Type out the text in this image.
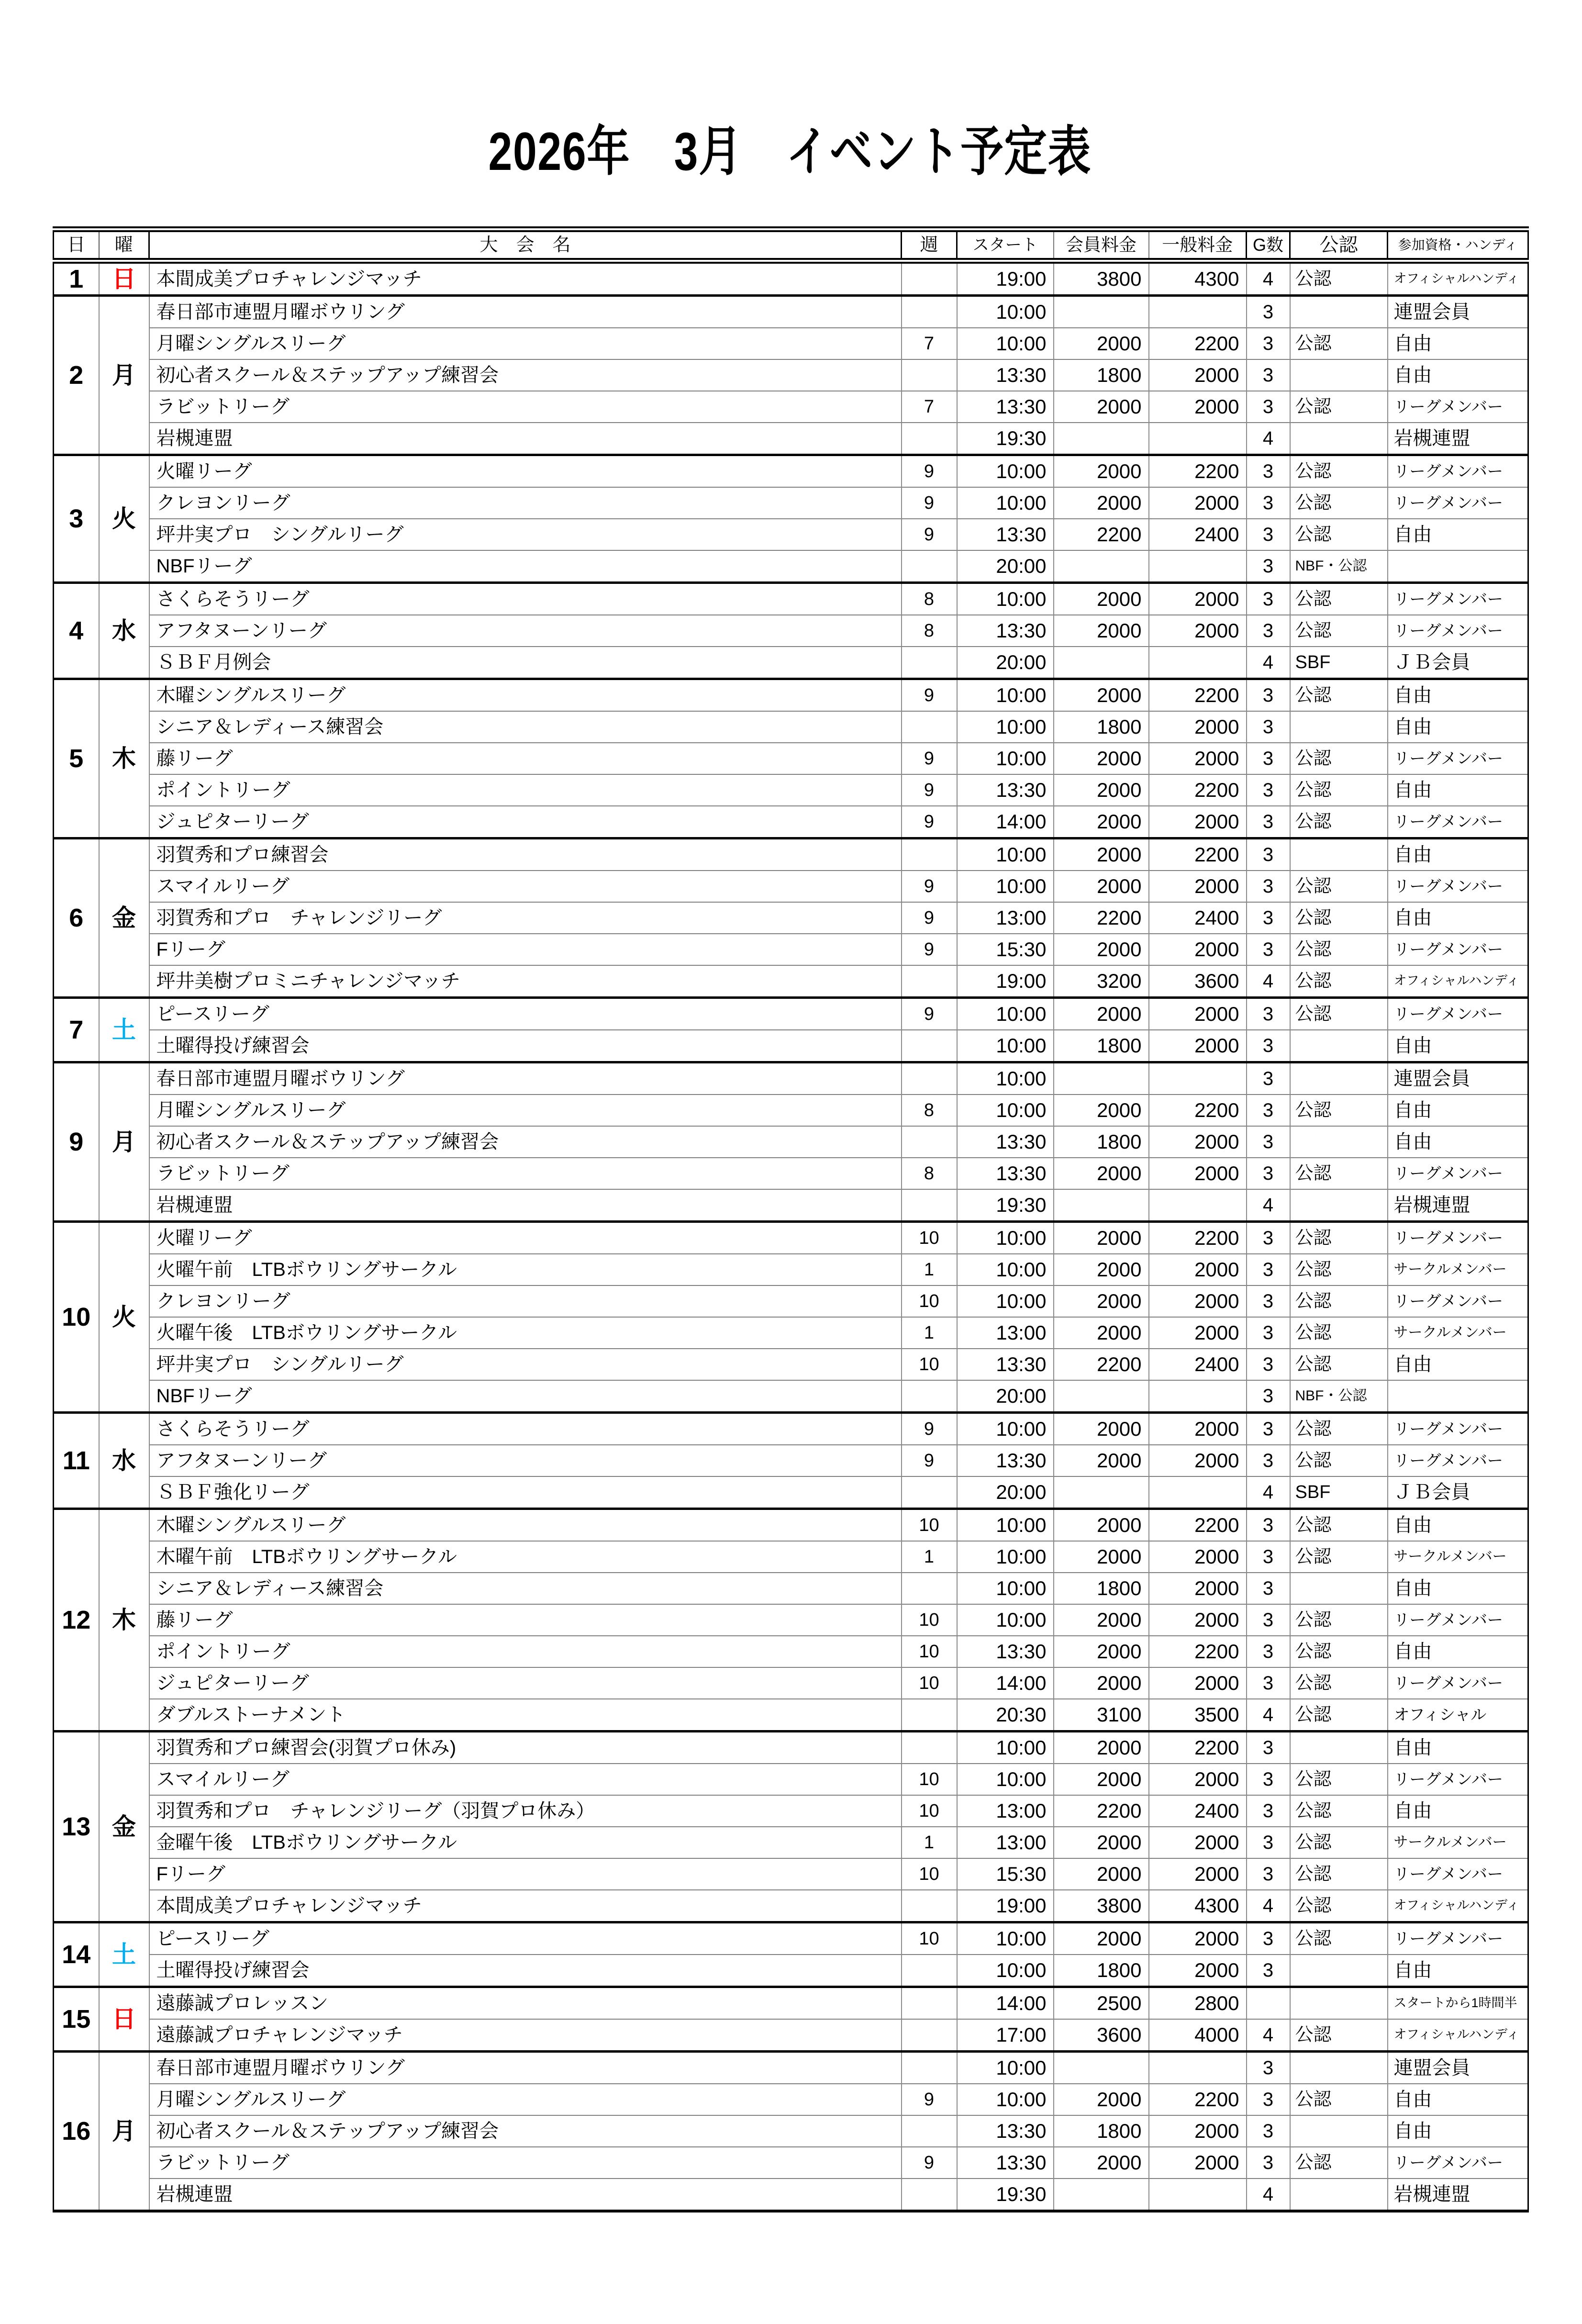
2026年　3月　イベント予定表
日	曜	大　会　名	週	スタート	会員料金	一般料金	G数	公認	参加資格・ハンディ
1	日	本間成美プロチャレンジマッチ		19:00	3800	4300	4	公認	オフィシャルハンディ
2	月	春日部市連盟月曜ボウリング		10:00			3		連盟会員
		月曜シングルスリーグ	7	10:00	2000	2200	3	公認	自由
		初心者スクール＆ステップアップ練習会		13:30	1800	2000	3		自由
		ラビットリーグ	7	13:30	2000	2000	3	公認	リーグメンバー
		岩槻連盟		19:30			4		岩槻連盟
3	火	火曜リーグ	9	10:00	2000	2200	3	公認	リーグメンバー
		クレヨンリーグ	9	10:00	2000	2000	3	公認	リーグメンバー
		坪井実プロ　シングルリーグ	9	13:30	2200	2400	3	公認	自由
		NBFリーグ		20:00			3	NBF・公認	
4	水	さくらそうリーグ	8	10:00	2000	2000	3	公認	リーグメンバー
		アフタヌーンリーグ	8	13:30	2000	2000	3	公認	リーグメンバー
		ＳＢＦ月例会		20:00			4	SBF	ＪＢ会員
5	木	木曜シングルスリーグ	9	10:00	2000	2200	3	公認	自由
		シニア＆レディース練習会		10:00	1800	2000	3		自由
		藤リーグ	9	10:00	2000	2000	3	公認	リーグメンバー
		ポイントリーグ	9	13:30	2000	2200	3	公認	自由
		ジュピターリーグ	9	14:00	2000	2000	3	公認	リーグメンバー
6	金	羽賀秀和プロ練習会		10:00	2000	2200	3		自由
		スマイルリーグ	9	10:00	2000	2000	3	公認	リーグメンバー
		羽賀秀和プロ　チャレンジリーグ	9	13:00	2200	2400	3	公認	自由
		Fリーグ	9	15:30	2000	2000	3	公認	リーグメンバー
		坪井美樹プロミニチャレンジマッチ		19:00	3200	3600	4	公認	オフィシャルハンディ
7	土	ピースリーグ	9	10:00	2000	2000	3	公認	リーグメンバー
		土曜得投げ練習会		10:00	1800	2000	3		自由
9	月	春日部市連盟月曜ボウリング		10:00			3		連盟会員
		月曜シングルスリーグ	8	10:00	2000	2200	3	公認	自由
		初心者スクール＆ステップアップ練習会		13:30	1800	2000	3		自由
		ラビットリーグ	8	13:30	2000	2000	3	公認	リーグメンバー
		岩槻連盟		19:30			4		岩槻連盟
10	火	火曜リーグ	10	10:00	2000	2200	3	公認	リーグメンバー
		火曜午前　LTBボウリングサークル	1	10:00	2000	2000	3	公認	サークルメンバー
		クレヨンリーグ	10	10:00	2000	2000	3	公認	リーグメンバー
		火曜午後　LTBボウリングサークル	1	13:00	2000	2000	3	公認	サークルメンバー
		坪井実プロ　シングルリーグ	10	13:30	2200	2400	3	公認	自由
		NBFリーグ		20:00			3	NBF・公認	
11	水	さくらそうリーグ	9	10:00	2000	2000	3	公認	リーグメンバー
		アフタヌーンリーグ	9	13:30	2000	2000	3	公認	リーグメンバー
		ＳＢＦ強化リーグ		20:00			4	SBF	ＪＢ会員
12	木	木曜シングルスリーグ	10	10:00	2000	2200	3	公認	自由
		木曜午前　LTBボウリングサークル	1	10:00	2000	2000	3	公認	サークルメンバー
		シニア＆レディース練習会		10:00	1800	2000	3		自由
		藤リーグ	10	10:00	2000	2000	3	公認	リーグメンバー
		ポイントリーグ	10	13:30	2000	2200	3	公認	自由
		ジュピターリーグ	10	14:00	2000	2000	3	公認	リーグメンバー
		ダブルストーナメント		20:30	3100	3500	4	公認	オフィシャル
13	金	羽賀秀和プロ練習会(羽賀プロ休み)		10:00	2000	2200	3		自由
		スマイルリーグ	10	10:00	2000	2000	3	公認	リーグメンバー
		羽賀秀和プロ　チャレンジリーグ（羽賀プロ休み）	10	13:00	2200	2400	3	公認	自由
		金曜午後　LTBボウリングサークル	1	13:00	2000	2000	3	公認	サークルメンバー
		Fリーグ	10	15:30	2000	2000	3	公認	リーグメンバー
		本間成美プロチャレンジマッチ		19:00	3800	4300	4	公認	オフィシャルハンディ
14	土	ピースリーグ	10	10:00	2000	2000	3	公認	リーグメンバー
		土曜得投げ練習会		10:00	1800	2000	3		自由
15	日	遠藤誠プロレッスン		14:00	2500	2800			スタートから1時間半
		遠藤誠プロチャレンジマッチ		17:00	3600	4000	4	公認	オフィシャルハンディ
16	月	春日部市連盟月曜ボウリング		10:00			3		連盟会員
		月曜シングルスリーグ	9	10:00	2000	2200	3	公認	自由
		初心者スクール＆ステップアップ練習会		13:30	1800	2000	3		自由
		ラビットリーグ	9	13:30	2000	2000	3	公認	リーグメンバー
		岩槻連盟		19:30			4		岩槻連盟
